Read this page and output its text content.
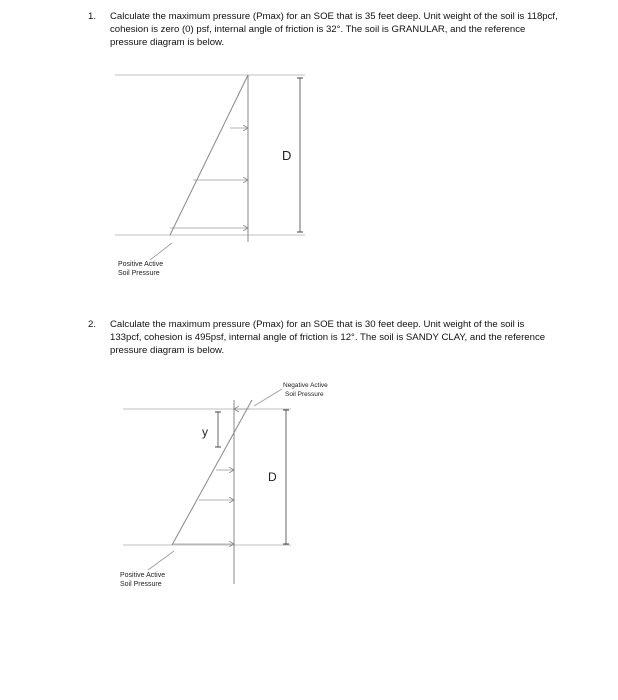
1. Calculate the maximum pressure (Pmax) for an SOE that is 35 feet deep. Unit weight of the soil is 118pcf, cohesion is zero (0) psf, internal angle of friction is 32°. The soil is GRANULAR, and the reference pressure diagram is below.
2. Calculate the maximum pressure (Pmax) for an SOE that is 30 feet deep. Unit weight of the soil is 133pcf, cohesion is 495psf, internal angle of friction is 12°. The soil is SANDY CLAY, and the reference pressure diagram is below.
D
Positive Active
Soil Pressure
y
D
Negative Active
Soil Pressure
Positive Active
Soil Pressure
